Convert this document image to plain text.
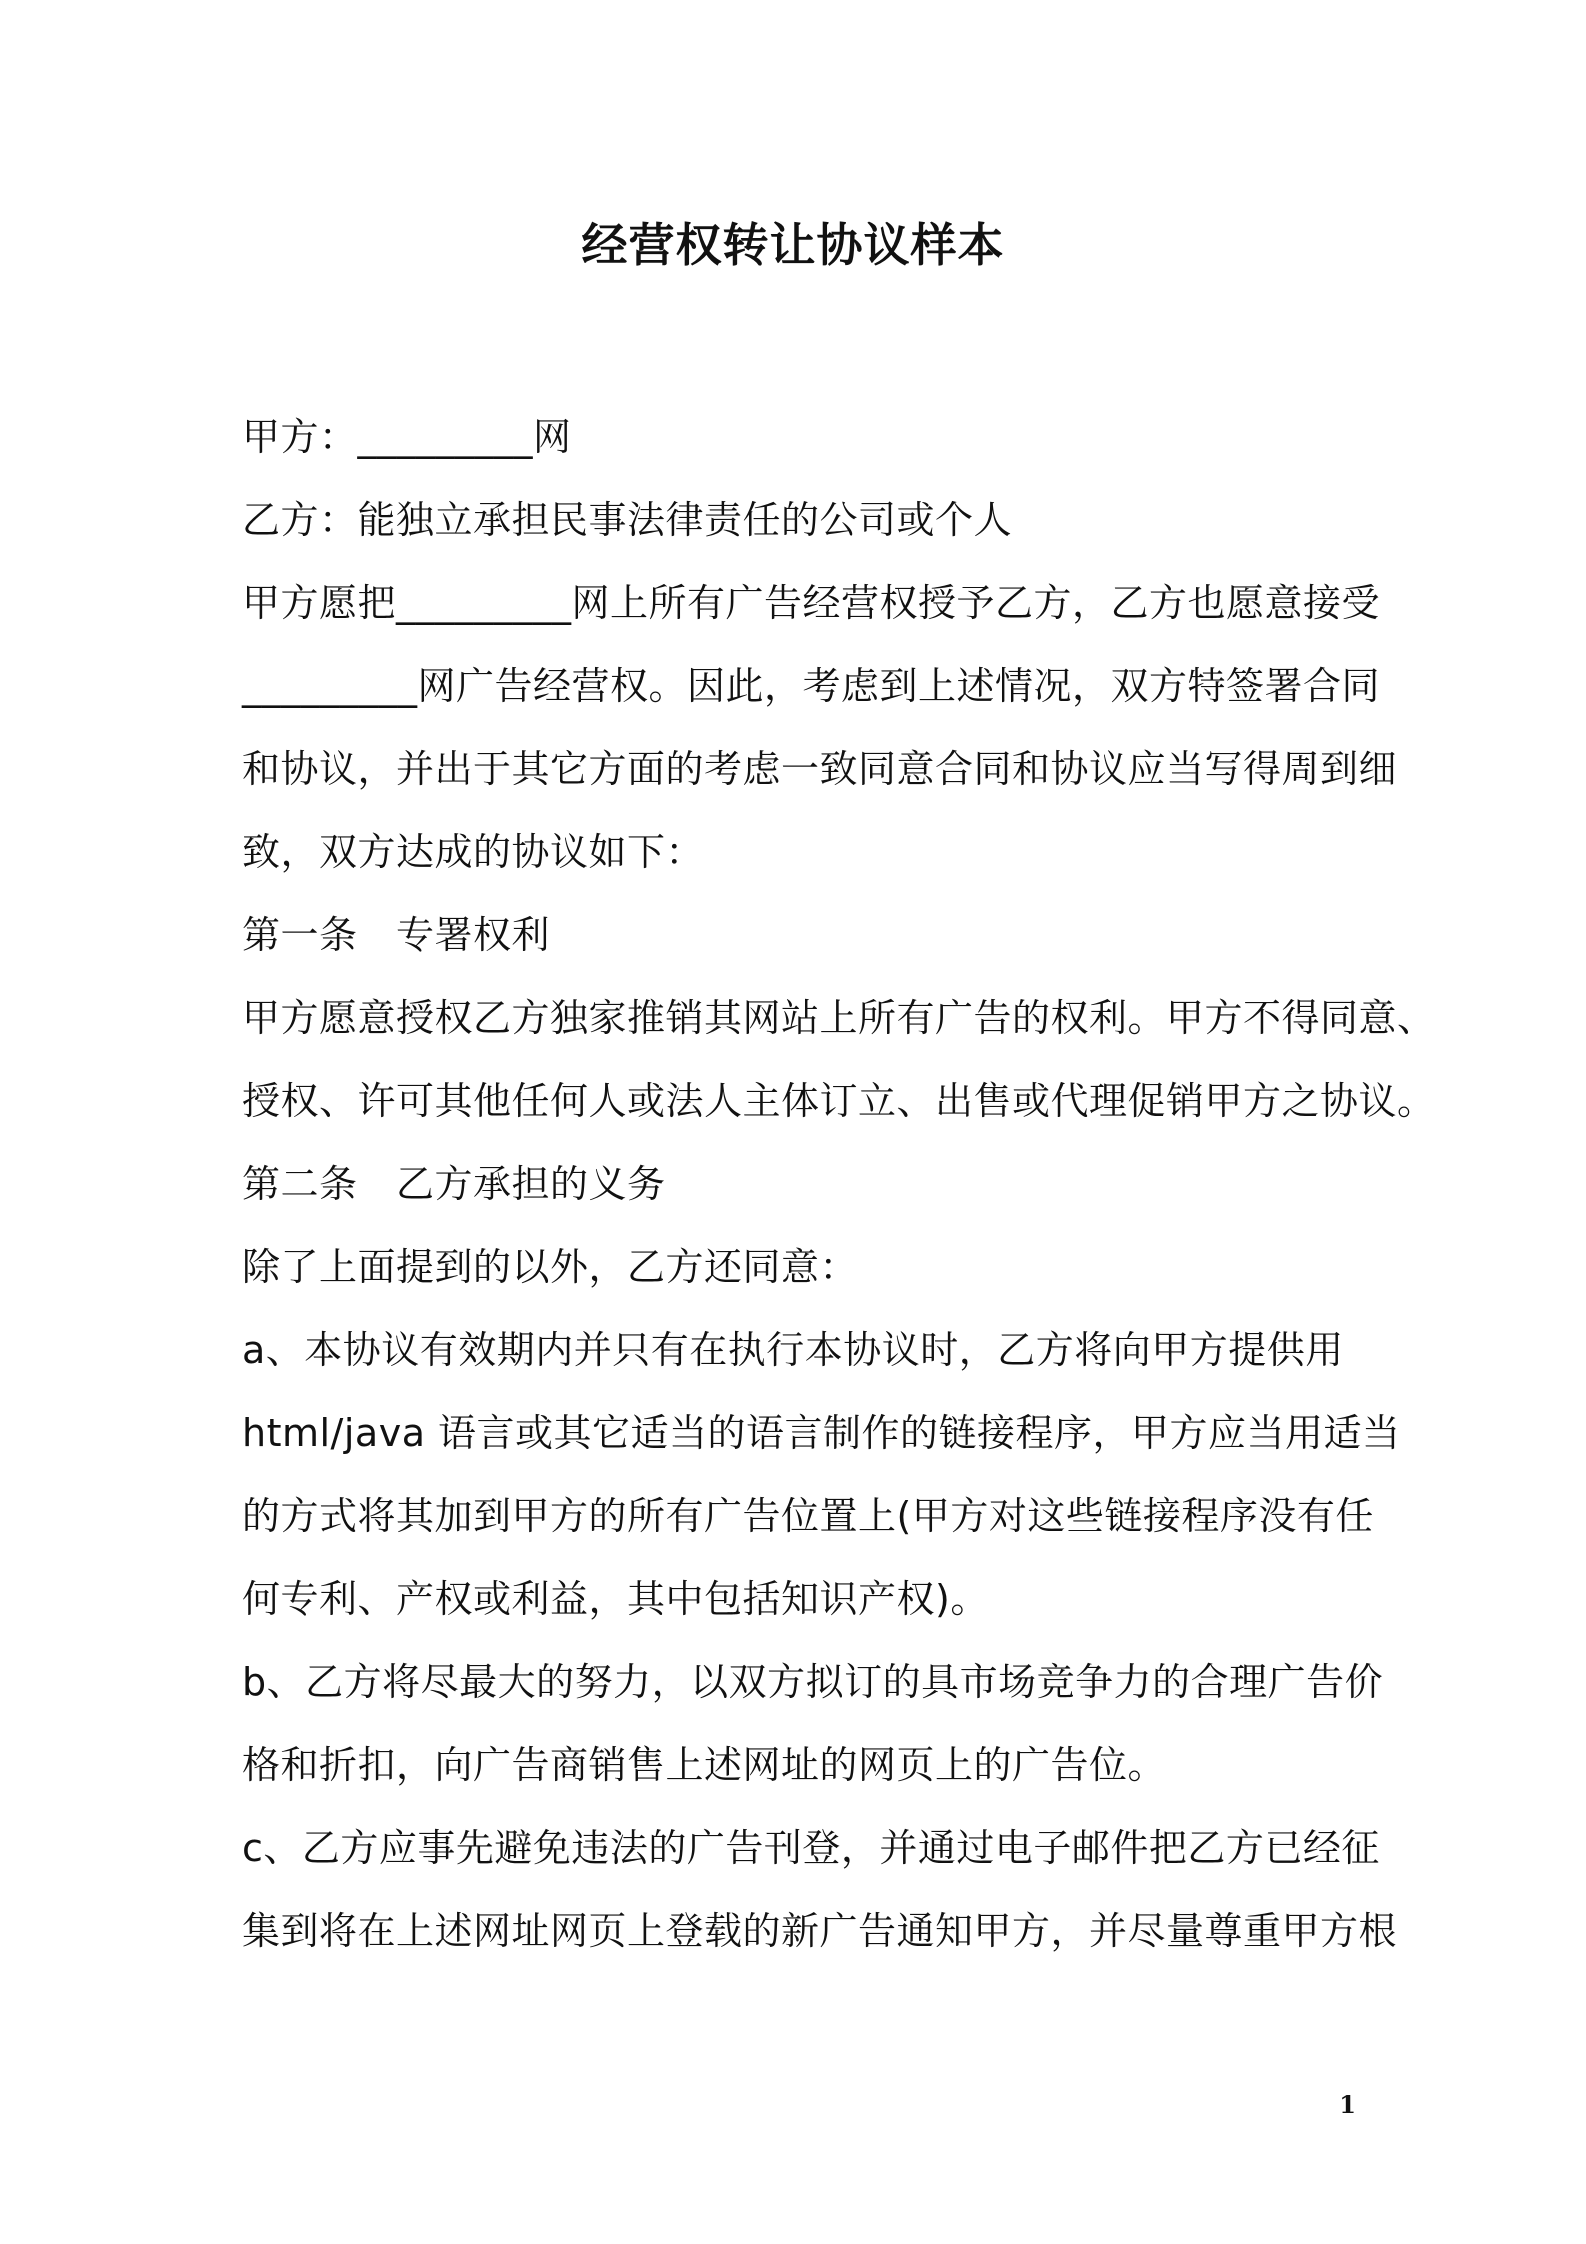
经营权转让协议样本
甲方：_________网
乙方：能独立承担民事法律责任的公司或个人
甲方愿把_________网上所有广告经营权授予乙方，乙方也愿意接受
_________网广告经营权。因此，考虑到上述情况，双方特签署合同
和协议，并出于其它方面的考虑一致同意合同和协议应当写得周到细
致，双方达成的协议如下：
第一条　专署权利
甲方愿意授权乙方独家推销其网站上所有广告的权利。甲方不得同意、
授权、许可其他任何人或法人主体订立、出售或代理促销甲方之协议。
第二条　乙方承担的义务
除了上面提到的以外，乙方还同意：
a、本协议有效期内并只有在执行本协议时，乙方将向甲方提供用
html/java 语言或其它适当的语言制作的链接程序，甲方应当用适当
的方式将其加到甲方的所有广告位置上(甲方对这些链接程序没有任
何专利、产权或利益，其中包括知识产权)。
b、乙方将尽最大的努力，以双方拟订的具市场竞争力的合理广告价
格和折扣，向广告商销售上述网址的网页上的广告位。
c、乙方应事先避免违法的广告刊登，并通过电子邮件把乙方已经征
集到将在上述网址网页上登载的新广告通知甲方，并尽量尊重甲方根
1
